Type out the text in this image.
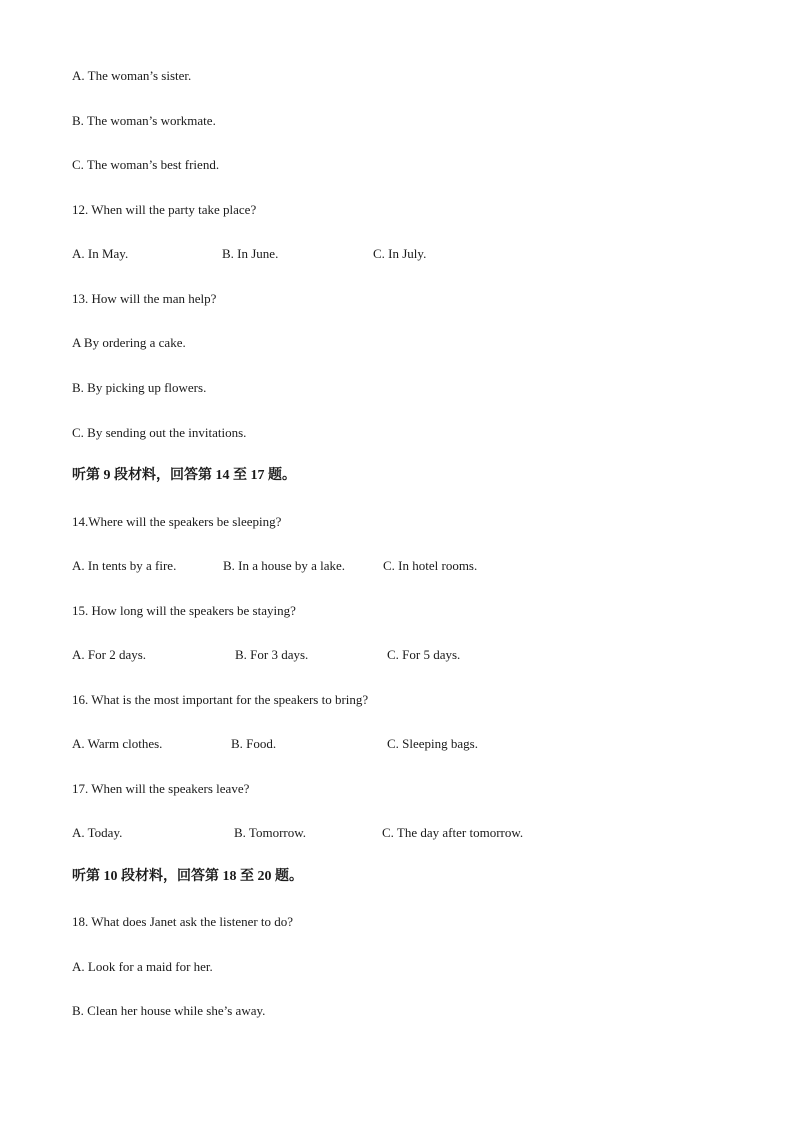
A. The woman’s sister.
B. The woman’s workmate.
C. The woman’s best friend.
12. When will the party take place?
A. In May.	B. In June.	C. In July.
13. How will the man help?
A By ordering a cake.
B. By picking up flowers.
C. By sending out the invitations.
听第 9 段材料，回答第 14 至 17 题。
14.Where will the speakers be sleeping?
A. In tents by a fire.	B. In a house by a lake.	C. In hotel rooms.
15. How long will the speakers be staying?
A. For 2 days.	B. For 3 days.	C. For 5 days.
16. What is the most important for the speakers to bring?
A. Warm clothes.	B. Food.	C. Sleeping bags.
17. When will the speakers leave?
A. Today.	B. Tomorrow.	C. The day after tomorrow.
听第 10 段材料，回答第 18 至 20 题。
18. What does Janet ask the listener to do?
A. Look for a maid for her.
B. Clean her house while she’s away.
